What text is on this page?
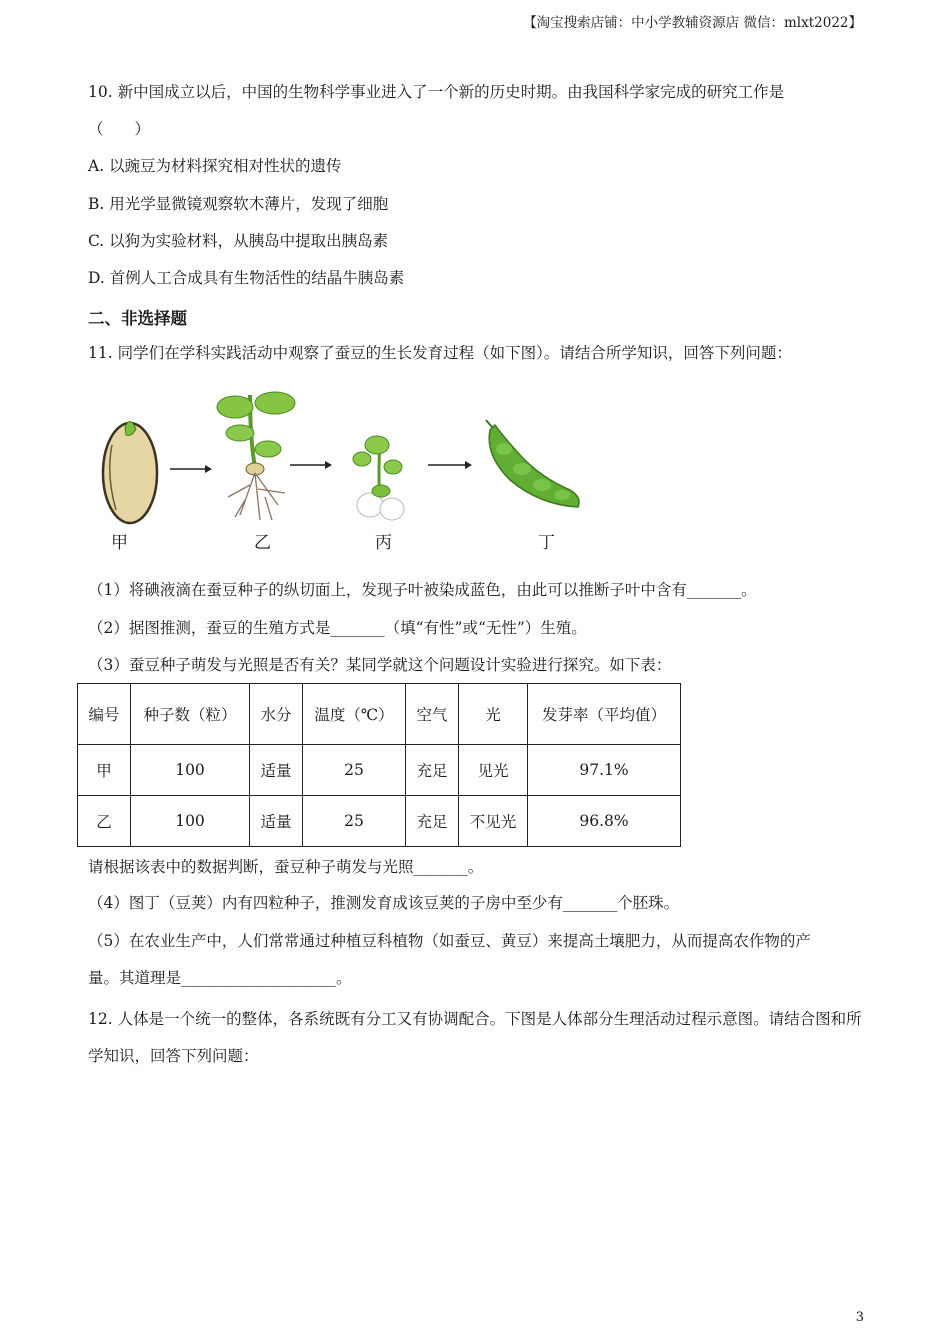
【淘宝搜索店铺：中小学教辅资源店 微信：mlxt2022】
10. 新中国成立以后，中国的生物科学事业进入了一个新的历史时期。由我国科学家完成的研究工作是
（　　）
A. 以豌豆为材料探究相对性状的遗传
B. 用光学显微镜观察软木薄片，发现了细胞
C. 以狗为实验材料，从胰岛中提取出胰岛素
D. 首例人工合成具有生物活性的结晶牛胰岛素
二、非选择题
11. 同学们在学科实践活动中观察了蚕豆的生长发育过程（如下图）。请结合所学知识，回答下列问题：
甲	乙	丙	丁
（1）将碘液滴在蚕豆种子的纵切面上，发现子叶被染成蓝色，由此可以推断子叶中含有_______。
（2）据图推测，蚕豆的生殖方式是_______（填“有性”或“无性”）生殖。
（3）蚕豆种子萌发与光照是否有关？某同学就这个问题设计实验进行探究。如下表：
编号	种子数（粒）	水分	温度（℃）	空气	光	发芽率（平均值）
甲	100	适量	25	充足	见光	97.1%
乙	100	适量	25	充足	不见光	96.8%
请根据该表中的数据判断，蚕豆种子萌发与光照_______。
（4）图丁（豆荚）内有四粒种子，推测发育成该豆荚的子房中至少有_______个胚珠。
（5）在农业生产中，人们常常通过种植豆科植物（如蚕豆、黄豆）来提高土壤肥力，从而提高农作物的产
量。其道理是____________________。
12. 人体是一个统一的整体，各系统既有分工又有协调配合。下图是人体部分生理活动过程示意图。请结合图和所学知识，回答下列问题：
3
